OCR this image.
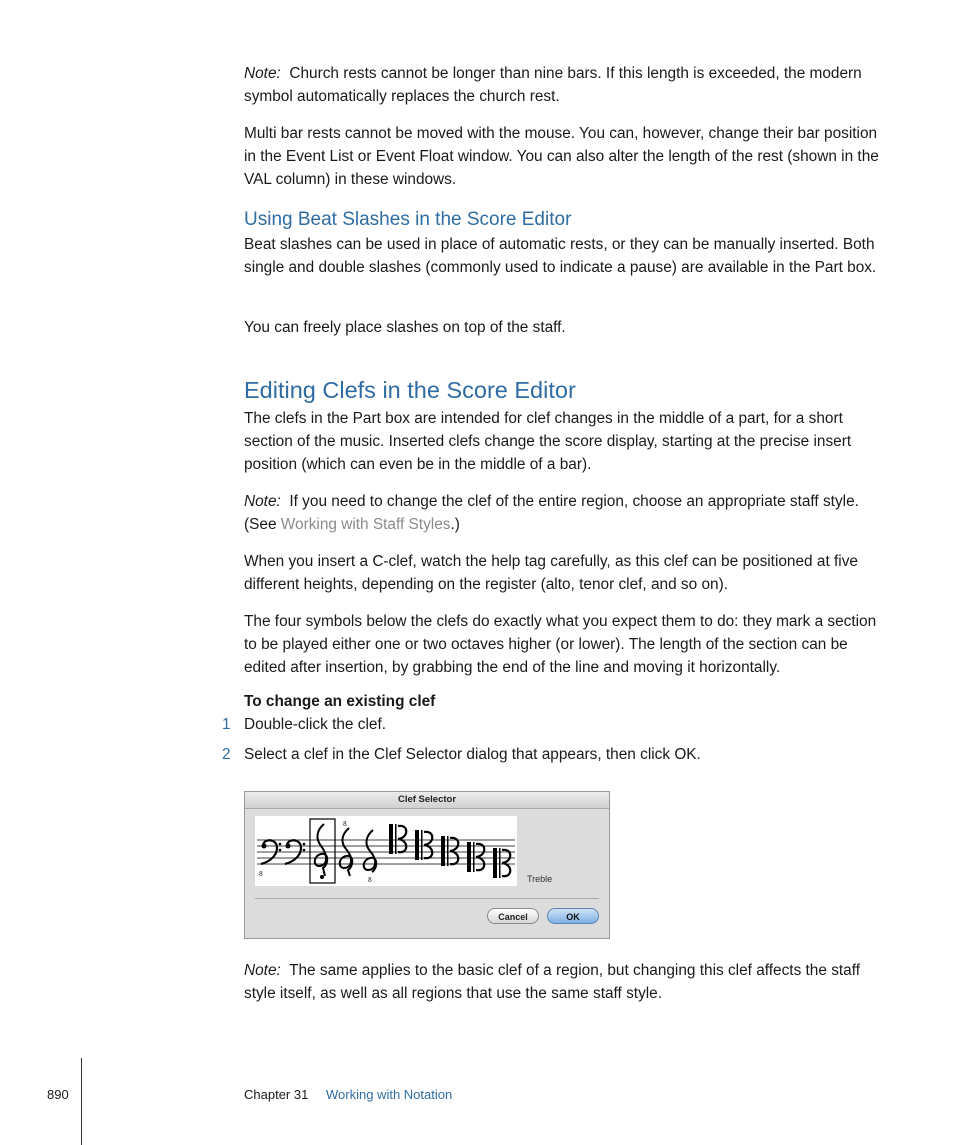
Note: Church rests cannot be longer than nine bars. If this length is exceeded, the modern symbol automatically replaces the church rest.

Multi bar rests cannot be moved with the mouse. You can, however, change their bar position in the Event List or Event Float window. You can also alter the length of the rest (shown in the VAL column) in these windows.

Using Beat Slashes in the Score Editor

Beat slashes can be used in place of automatic rests, or they can be manually inserted. Both single and double slashes (commonly used to indicate a pause) are available in the Part box.

You can freely place slashes on top of the staff.

Editing Clefs in the Score Editor

The clefs in the Part box are intended for clef changes in the middle of a part, for a short section of the music. Inserted clefs change the score display, starting at the precise insert position (which can even be in the middle of a bar).

Note: If you need to change the clef of the entire region, choose an appropriate staff style. (See Working with Staff Styles.)

When you insert a C-clef, watch the help tag carefully, as this clef can be positioned at five different heights, depending on the register (alto, tenor clef, and so on).

The four symbols below the clefs do exactly what you expect them to do: they mark a section to be played either one or two octaves higher (or lower). The length of the section can be edited after insertion, by grabbing the end of the line and moving it horizontally.

To change an existing clef

1 Double-click the clef.
2 Select a clef in the Clef Selector dialog that appears, then click OK.
Clef Selector
8
8
8	Treble
Cancel	OK

Note: The same applies to the basic clef of a region, but changing this clef affects the staff style itself, as well as all regions that use the same staff style.

890	Chapter 31 Working with Notation
